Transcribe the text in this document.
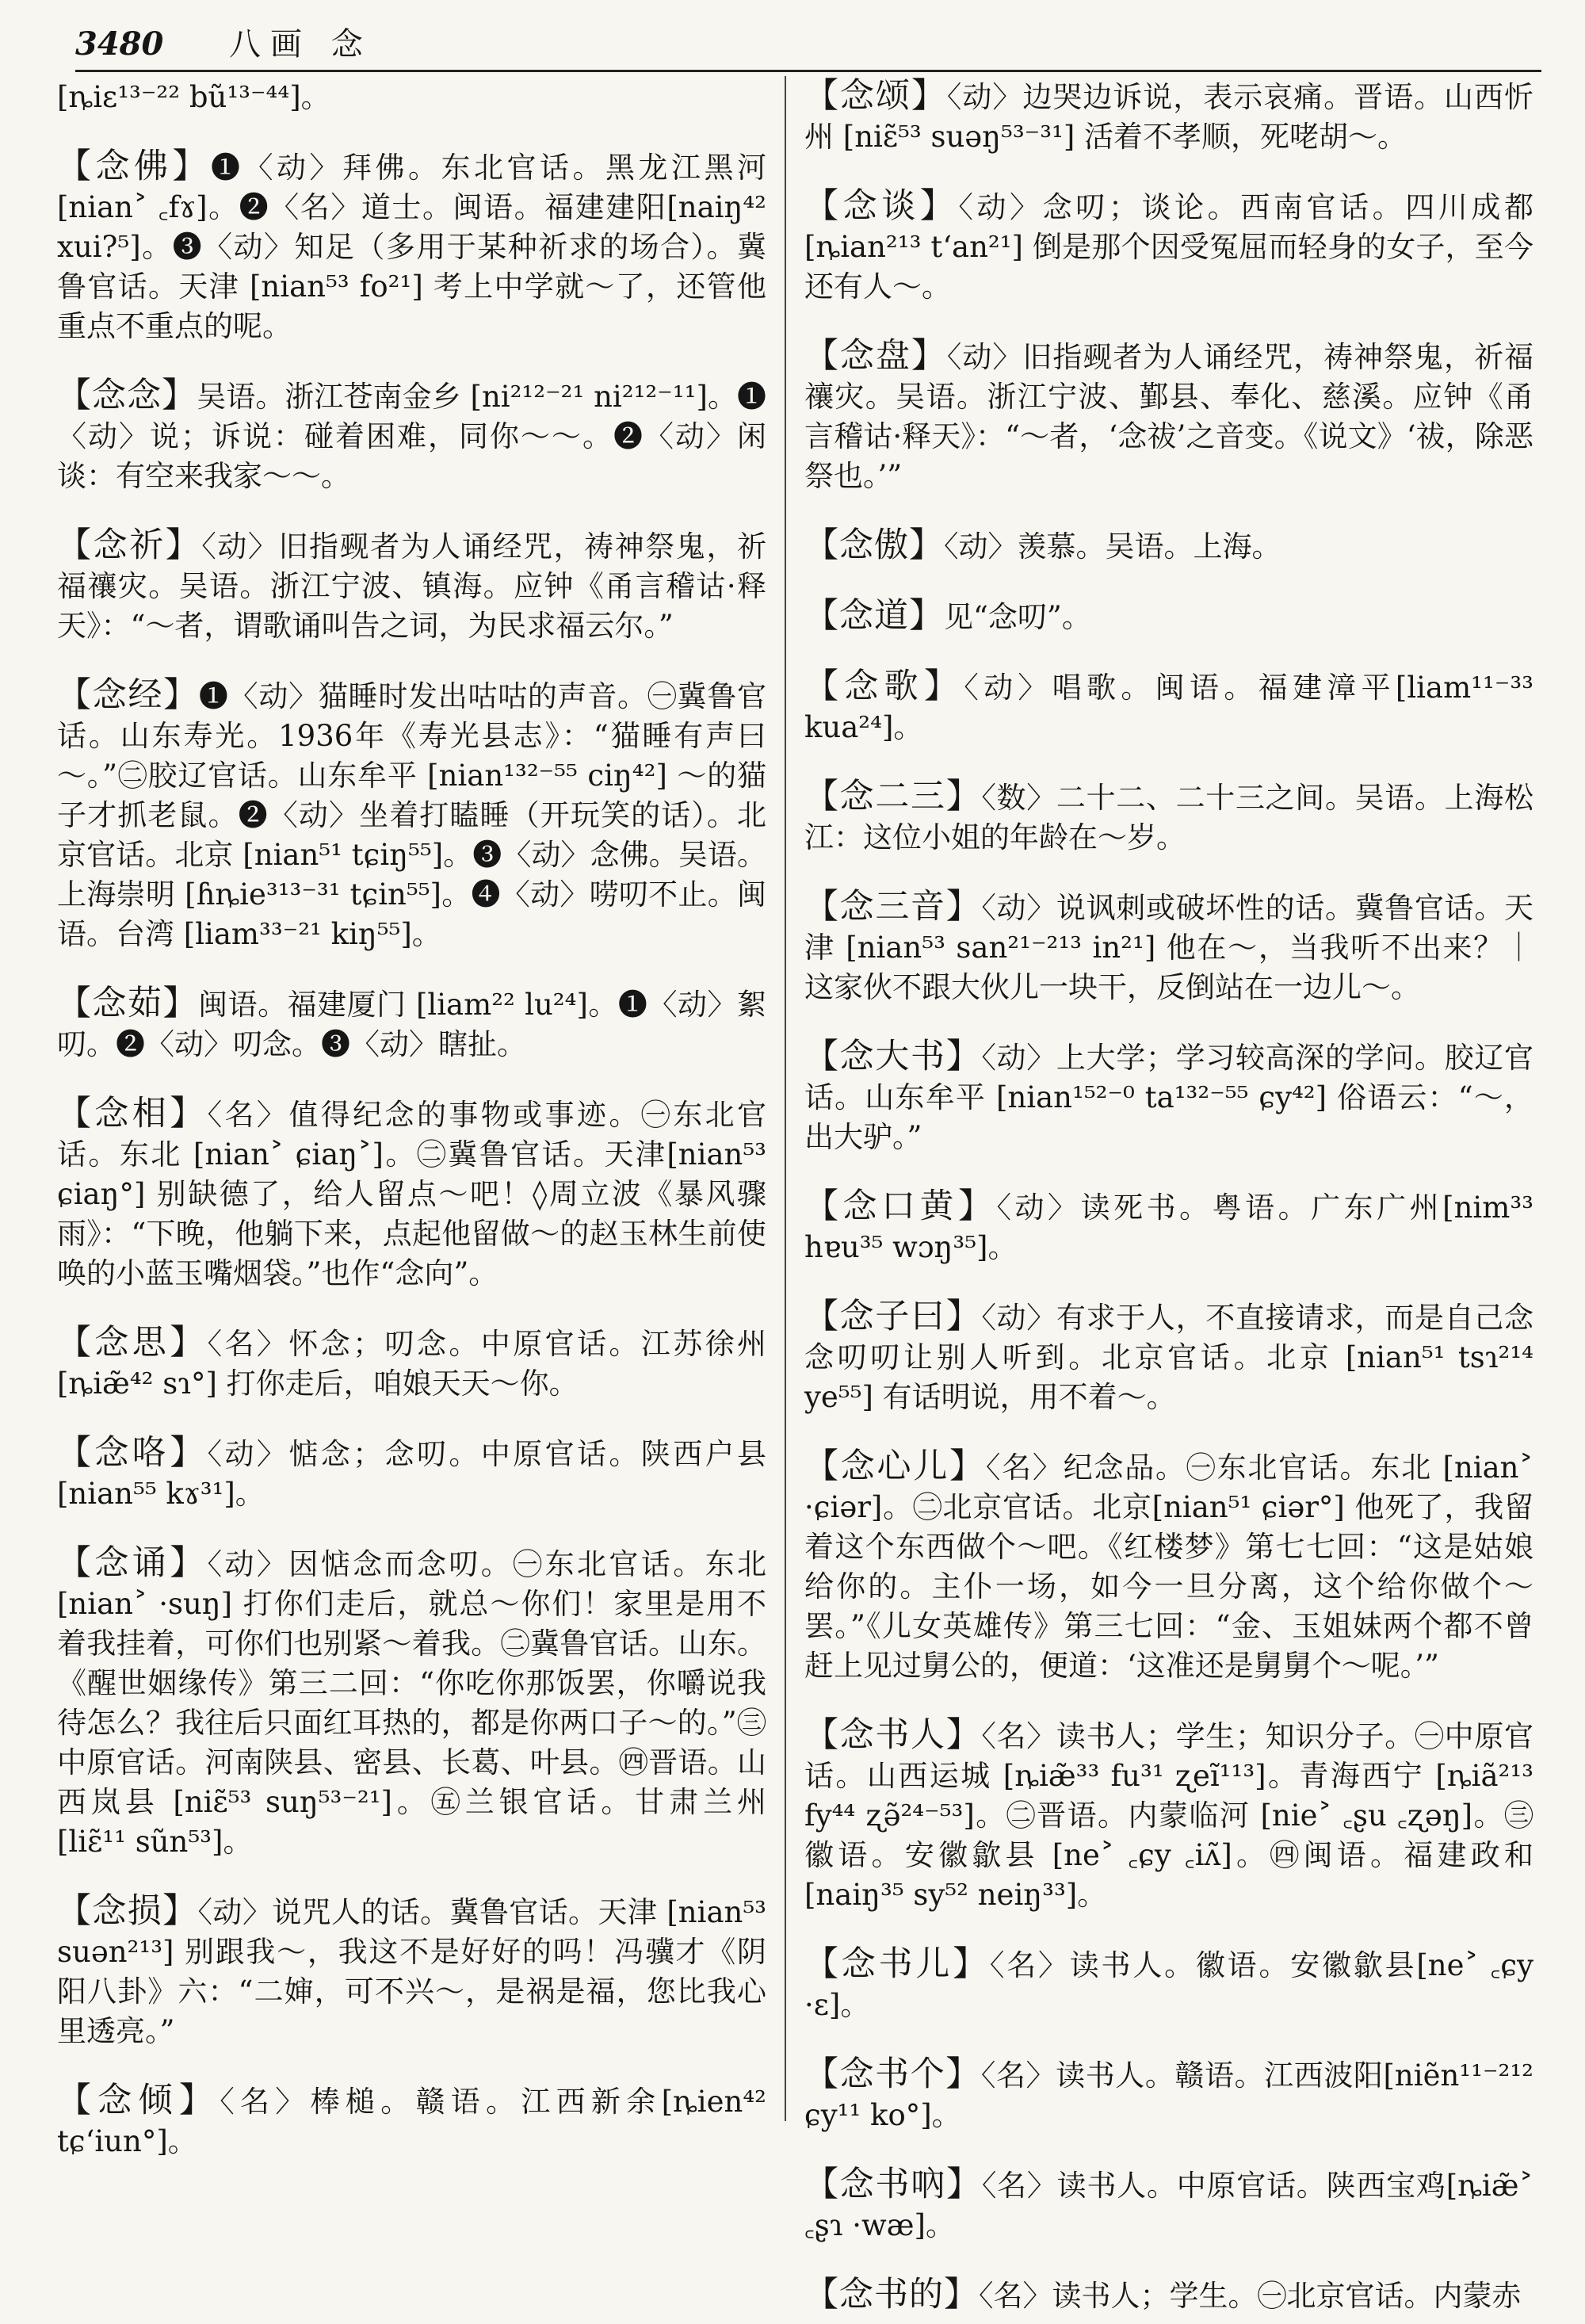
3480 八画 念

[ȵiɛ¹³⁻²² bũ¹³⁻⁴⁴]。

【念佛】❶〈动〉拜佛。东北官话。黑龙江黑河 [nian˃ ꜀fɤ]。❷〈名〉道士。闽语。福建建阳[naiŋ⁴² xui?⁵]。❸〈动〉知足（多用于某种祈求的场合）。冀鲁官话。天津 [nian⁵³ fo²¹] 考上中学就～了，还管他重点不重点的呢。

【念念】吴语。浙江苍南金乡 [ni²¹²⁻²¹ ni²¹²⁻¹¹]。❶〈动〉说；诉说：碰着困难，同你～～。❷〈动〉闲谈：有空来我家～～。

【念祈】〈动〉旧指觋者为人诵经咒，祷神祭鬼，祈福禳灾。吴语。浙江宁波、镇海。应钟《甬言稽诂·释天》：“～者，谓歌诵叫告之词，为民求福云尔。”

【念经】❶〈动〉猫睡时发出咕咕的声音。㊀冀鲁官话。山东寿光。1936年《寿光县志》：“猫睡有声曰～。”㊁胶辽官话。山东牟平 [nian¹³²⁻⁵⁵ ciŋ⁴²] ～的猫子才抓老鼠。❷〈动〉坐着打瞌睡（开玩笑的话）。北京官话。北京 [nian⁵¹ tɕiŋ⁵⁵]。❸〈动〉念佛。吴语。上海崇明 [ɦȵie³¹³⁻³¹ tɕin⁵⁵]。❹〈动〉唠叨不止。闽语。台湾 [liam³³⁻²¹ kiŋ⁵⁵]。

【念茹】闽语。福建厦门 [liam²² lu²⁴]。❶〈动〉絮叨。❷〈动〉叨念。❸〈动〉瞎扯。

【念相】〈名〉值得纪念的事物或事迹。㊀东北官话。东北 [nian˃ ɕiaŋ˃]。㊁冀鲁官话。天津[nian⁵³ ɕiaŋ°] 别缺德了，给人留点～吧！◊周立波《暴风骤雨》：“下晚，他躺下来，点起他留做～的赵玉林生前使唤的小蓝玉嘴烟袋。”也作“念向”。

【念思】〈名〉怀念；叨念。中原官话。江苏徐州[ȵiæ̃⁴² sɿ°] 打你走后，咱娘天天～你。

【念咯】〈动〉惦念；念叨。中原官话。陕西户县[nian⁵⁵ kɤ³¹]。

【念诵】〈动〉因惦念而念叨。㊀东北官话。东北 [nian˃ ·suŋ] 打你们走后，就总～你们！家里是用不着我挂着，可你们也别紧～着我。㊁冀鲁官话。山东。《醒世姻缘传》第三二回：“你吃你那饭罢，你嚼说我待怎么？我往后只面红耳热的，都是你两口子～的。”㊂中原官话。河南陕县、密县、长葛、叶县。㊃晋语。山西岚县 [niɛ̃⁵³ suŋ⁵³⁻²¹]。㊄兰银官话。甘肃兰州 [liɛ̃¹¹ sũn⁵³]。

【念损】〈动〉说咒人的话。冀鲁官话。天津 [nian⁵³ suən²¹³] 别跟我～，我这不是好好的吗！冯骥才《阴阳八卦》六：“二婶，可不兴～，是祸是福，您比我心里透亮。”

【念倾】〈名〉棒槌。赣语。江西新余[ȵien⁴² tɕʻiun°]。

【念颂】〈动〉边哭边诉说，表示哀痛。晋语。山西忻州 [niɛ̃⁵³ suəŋ⁵³⁻³¹] 活着不孝顺，死咾胡～。

【念谈】〈动〉念叨；谈论。西南官话。四川成都 [ȵian²¹³ tʻan²¹] 倒是那个因受冤屈而轻身的女子，至今还有人～。

【念盘】〈动〉旧指觋者为人诵经咒，祷神祭鬼，祈福禳灾。吴语。浙江宁波、鄞县、奉化、慈溪。应钟《甬言稽诂·释天》：“～者，‘念祓’之音变。《说文》‘祓，除恶祭也。’”

【念傲】〈动〉羡慕。吴语。上海。

【念道】见“念叨”。

【念歌】〈动〉唱歌。闽语。福建漳平[liam¹¹⁻³³ kua²⁴]。

【念二三】〈数〉二十二、二十三之间。吴语。上海松江：这位小姐的年龄在～岁。

【念三音】〈动〉说讽刺或破坏性的话。冀鲁官话。天津 [nian⁵³ san²¹⁻²¹³ in²¹] 他在～，当我听不出来？｜这家伙不跟大伙儿一块干，反倒站在一边儿～。

【念大书】〈动〉上大学；学习较高深的学问。胶辽官话。山东牟平 [nian¹⁵²⁻⁰ ta¹³²⁻⁵⁵ ɕy⁴²] 俗语云：“～，出大驴。”

【念口黄】〈动〉读死书。粤语。广东广州[nim³³ hɐu³⁵ wɔŋ³⁵]。

【念子曰】〈动〉有求于人，不直接请求，而是自己念念叨叨让别人听到。北京官话。北京 [nian⁵¹ tsɿ²¹⁴ ye⁵⁵] 有话明说，用不着～。

【念心儿】〈名〉纪念品。㊀东北官话。东北 [nian˃ ·ɕiər]。㊁北京官话。北京[nian⁵¹ ɕiər°] 他死了，我留着这个东西做个～吧。《红楼梦》第七七回：“这是姑娘给你的。主仆一场，如今一旦分离，这个给你做个～罢。”《儿女英雄传》第三七回：“金、玉姐妹两个都不曾赶上见过舅公的，便道：‘这准还是舅舅个～呢。’”

【念书人】〈名〉读书人；学生；知识分子。㊀中原官话。山西运城 [ȵiæ̃³³ fu³¹ ʐeĩ¹¹³]。青海西宁 [ȵiã²¹³ fy⁴⁴ ʐə̃²⁴⁻⁵³]。㊁晋语。内蒙临河 [nie˃ ꜀ʂu ꜀ʐəŋ]。㊂徽语。安徽歙县 [ne˃ ꜀ɕy ꜀iʌ̃]。㊃闽语。福建政和 [naiŋ³⁵ sy⁵² neiŋ³³]。

【念书儿】〈名〉读书人。徽语。安徽歙县[ne˃ ꜀ɕy ·ɛ]。

【念书个】〈名〉读书人。赣语。江西波阳[niẽn¹¹⁻²¹² ɕy¹¹ ko°]。

【念书吶】〈名〉读书人。中原官话。陕西宝鸡[ȵiæ̃˃ ꜀ʂɿ ·wæ]。

【念书的】〈名〉读书人；学生。㊀北京官话。内蒙赤
